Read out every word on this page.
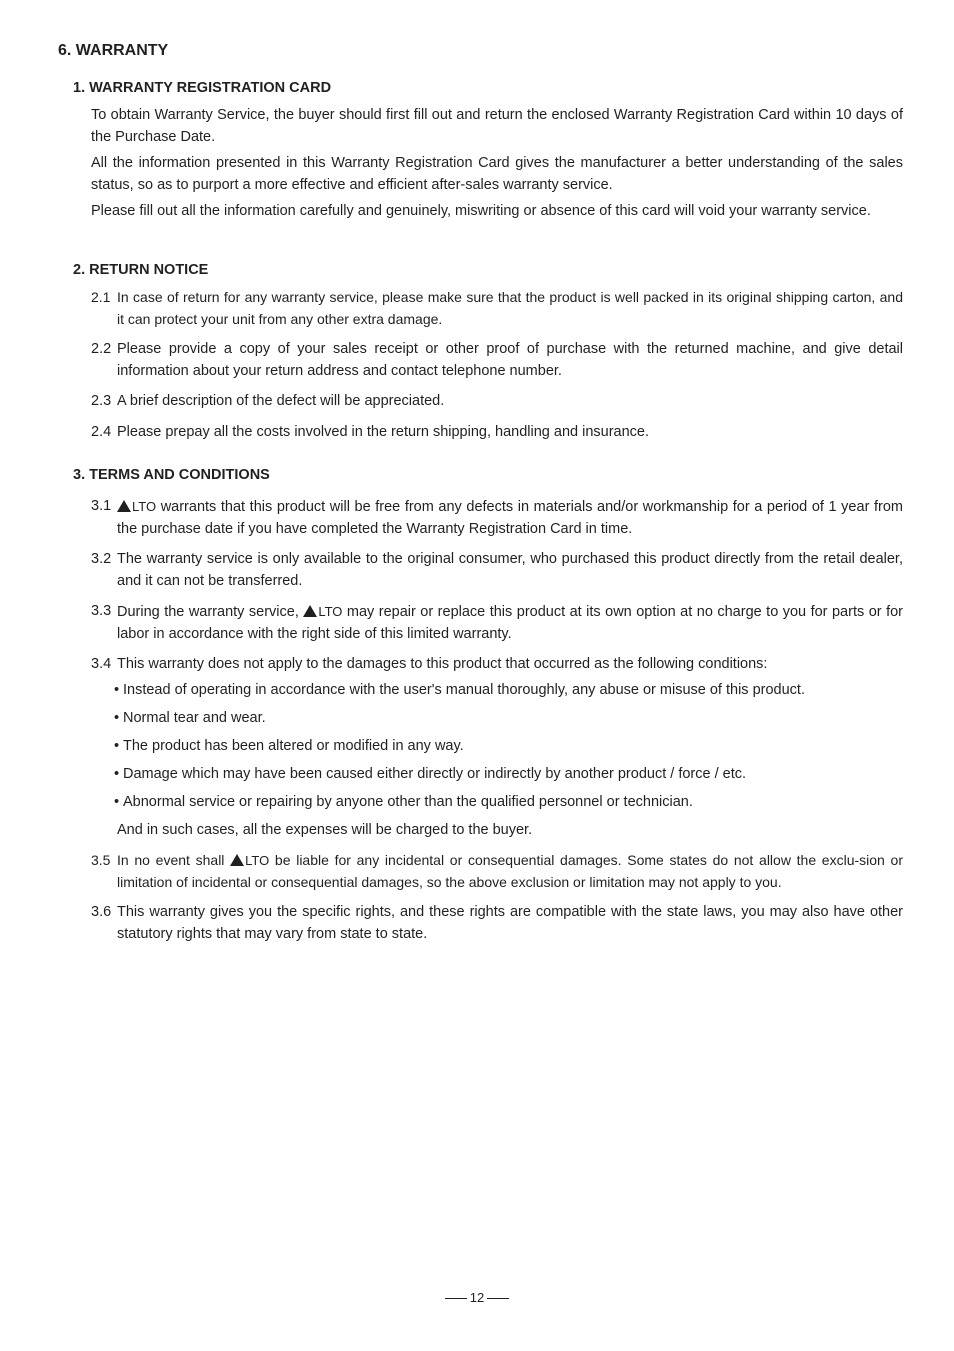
6. WARRANTY
1. WARRANTY REGISTRATION CARD

To obtain Warranty Service, the buyer should first fill out and return the enclosed Warranty Registration Card within 10 days of the Purchase Date.

All the information presented in this Warranty Registration Card gives the manufacturer a better understanding of the sales status, so as to purport a more effective and efficient after-sales warranty service.

Please fill out all the information carefully and genuinely, miswriting or absence of this card will void your warranty service.

2. RETURN NOTICE
2.1 In case of return for any warranty service, please make sure that the product is well packed in its original shipping carton, and it can protect your unit from any other extra damage.
2.2 Please provide a copy of your sales receipt or other proof of purchase with the returned machine, and give detail information about your return address and contact telephone number.
2.3 A brief description of the defect will be appreciated.
2.4 Please prepay all the costs involved in the return shipping, handling and insurance.
3. TERMS AND CONDITIONS
3.1 LTO warrants that this product will be free from any defects in materials and/or workmanship for a period of 1 year from the purchase date if you have completed the Warranty Registration Card in time.
3.2 The warranty service is only available to the original consumer, who purchased this product directly from the retail dealer, and it can not be transferred.
3.3 During the warranty service, LTO may repair or replace this product at its own option at no charge to you for parts or for labor in accordance with the right side of this limited warranty.
3.4 This warranty does not apply to the damages to this product that occurred as the following conditions:
• Instead of operating in accordance with the user's manual thoroughly, any abuse or misuse of this product.
• Normal tear and wear.
• The product has been altered or modified in any way.
• Damage which may have been caused either directly or indirectly by another product / force / etc.
• Abnormal service or repairing by anyone other than the qualified personnel or technician.
And in such cases, all the expenses will be charged to the buyer.
3.5 In no event shall LTO be liable for any incidental or consequential damages. Some states do not allow the exclu-sion or limitation of incidental or consequential damages, so the above exclusion or limitation may not apply to you.
3.6 This warranty gives you the specific rights, and these rights are compatible with the state laws, you may also have other statutory rights that may vary from state to state.
12
